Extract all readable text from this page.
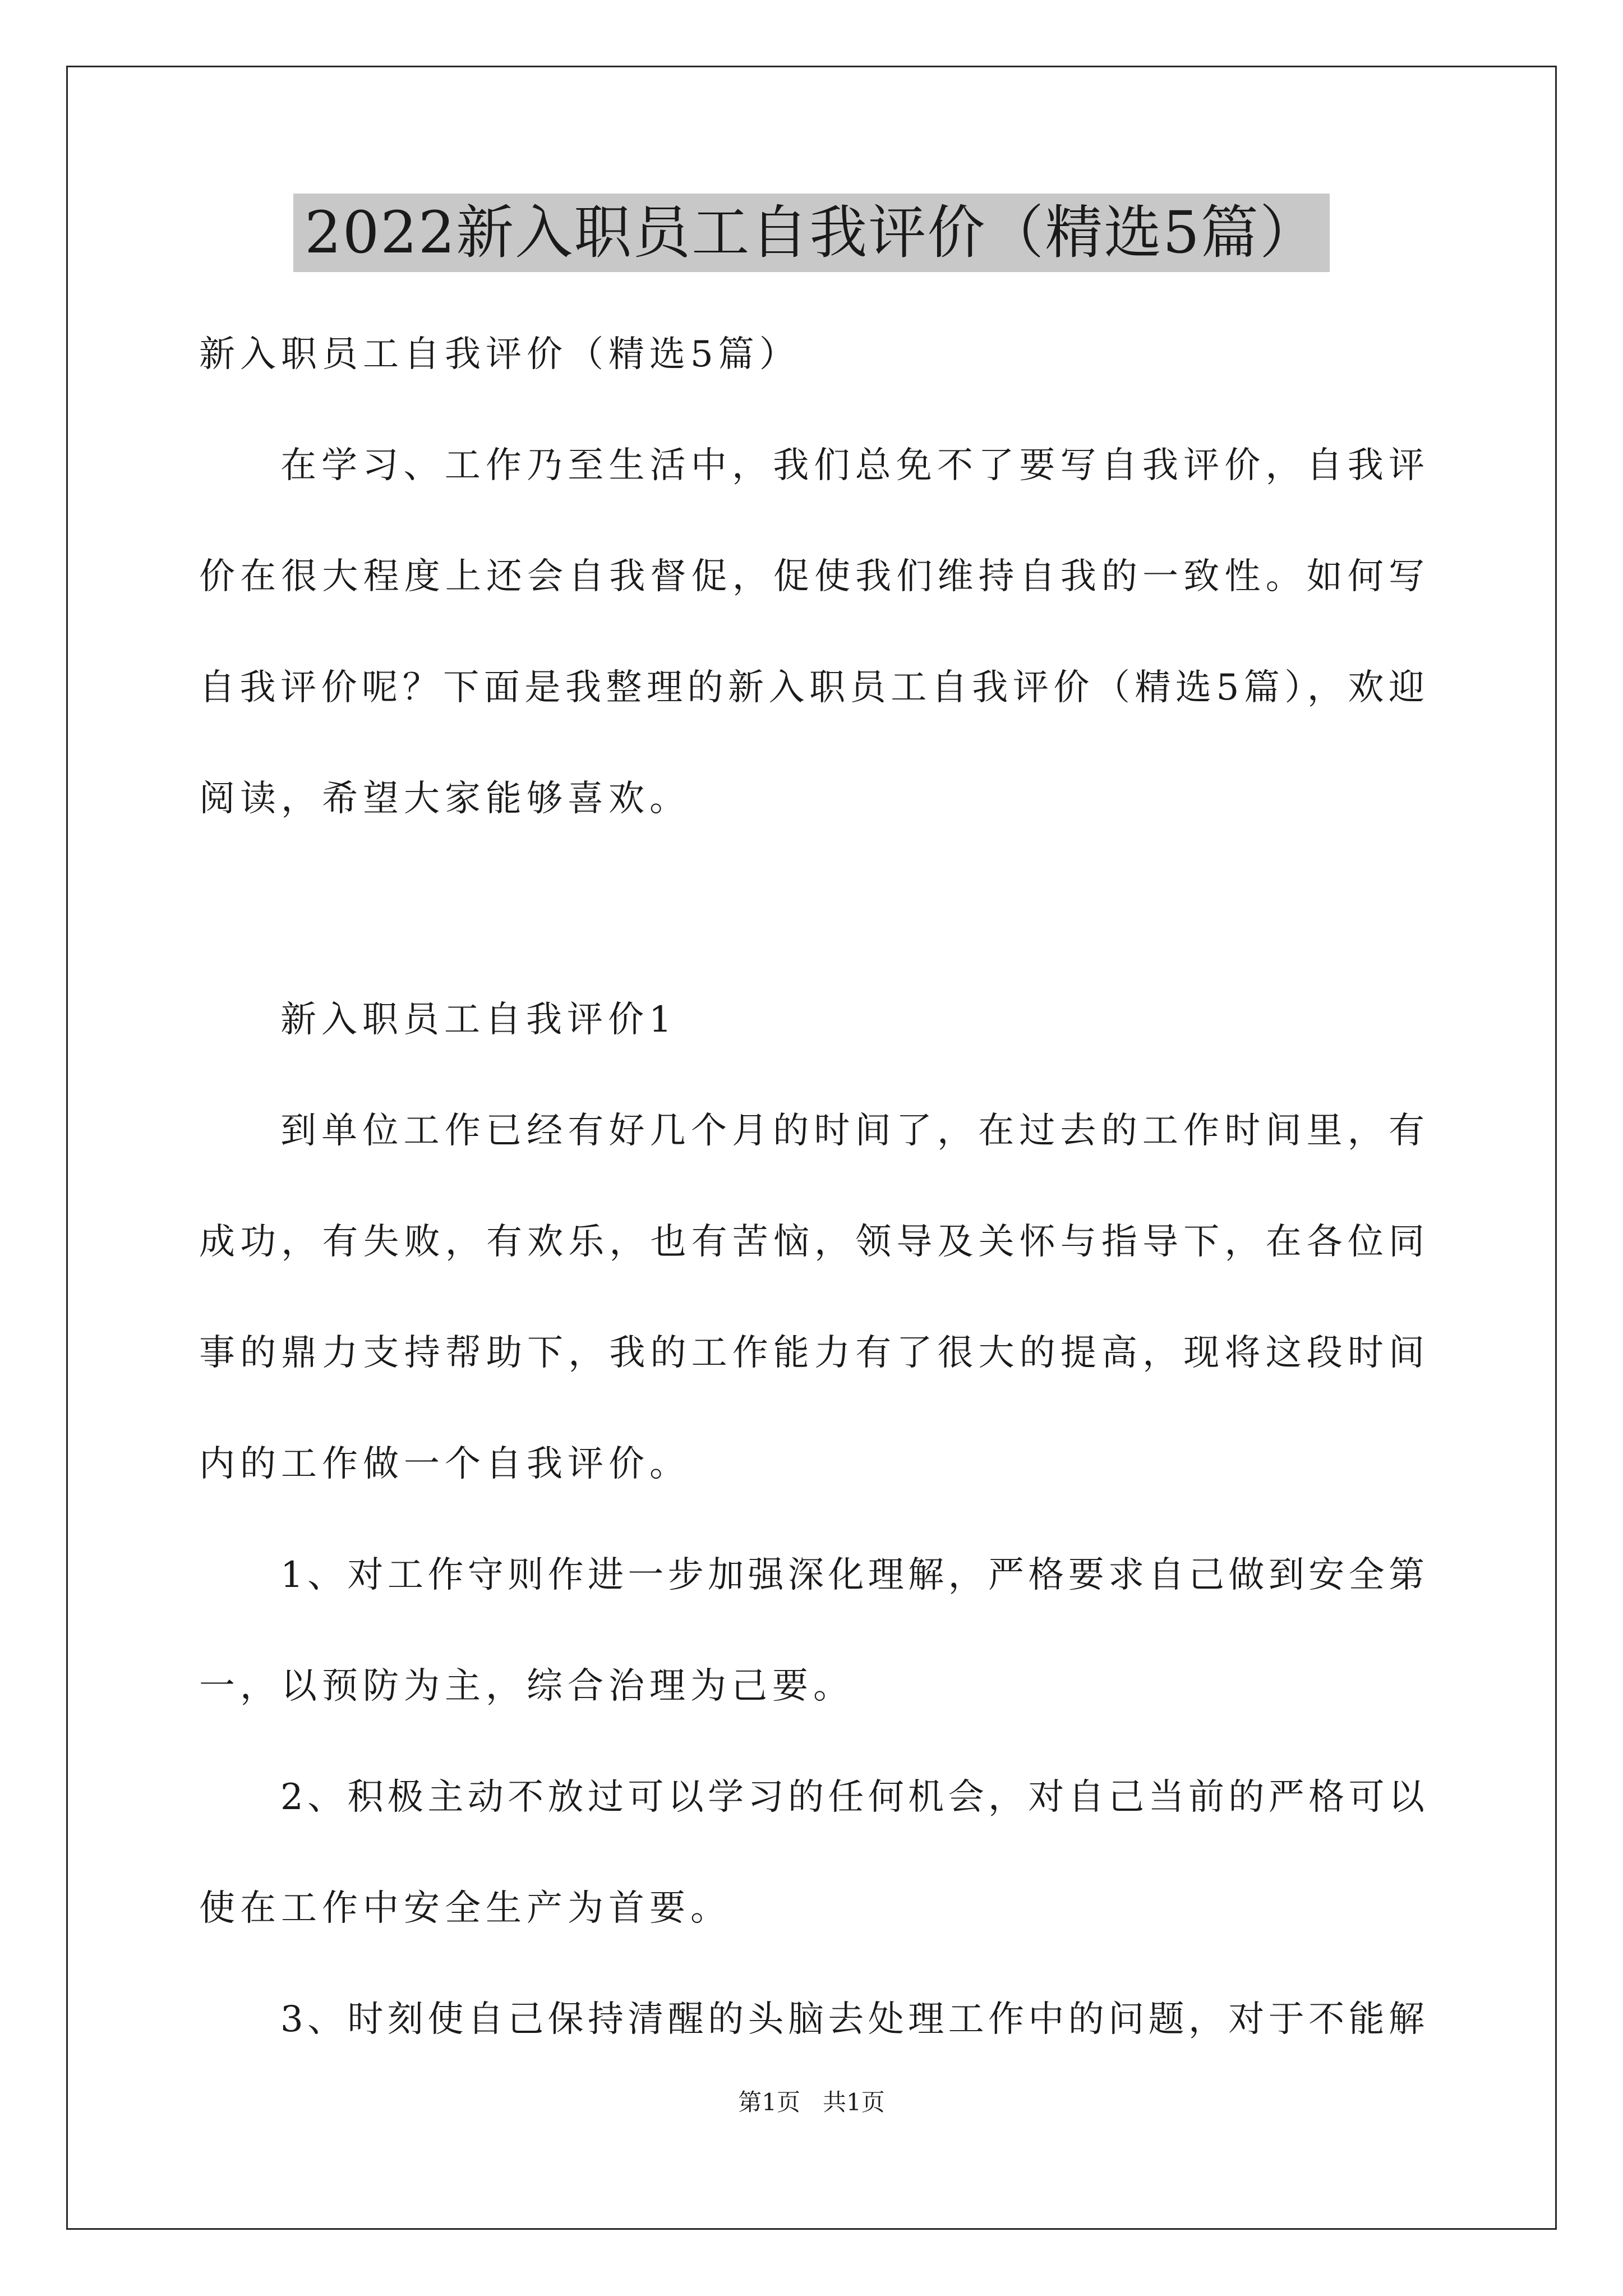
2022新入职员工自我评价（精选5篇）
新入职员工自我评价（精选5篇）
在学习、工作乃至生活中，我们总免不了要写自我评价，自我评
价在很大程度上还会自我督促，促使我们维持自我的一致性。如何写
自我评价呢？下面是我整理的新入职员工自我评价（精选5篇），欢迎
阅读，希望大家能够喜欢。
新入职员工自我评价1
到单位工作已经有好几个月的时间了，在过去的工作时间里，有
成功，有失败，有欢乐，也有苦恼，领导及关怀与指导下，在各位同
事的鼎力支持帮助下，我的工作能力有了很大的提高，现将这段时间
内的工作做一个自我评价。
1、对工作守则作进一步加强深化理解，严格要求自己做到安全第
一，以预防为主，综合治理为己要。
2、积极主动不放过可以学习的任何机会，对自己当前的严格可以
使在工作中安全生产为首要。
3、时刻使自己保持清醒的头脑去处理工作中的问题，对于不能解
第1页   共1页
